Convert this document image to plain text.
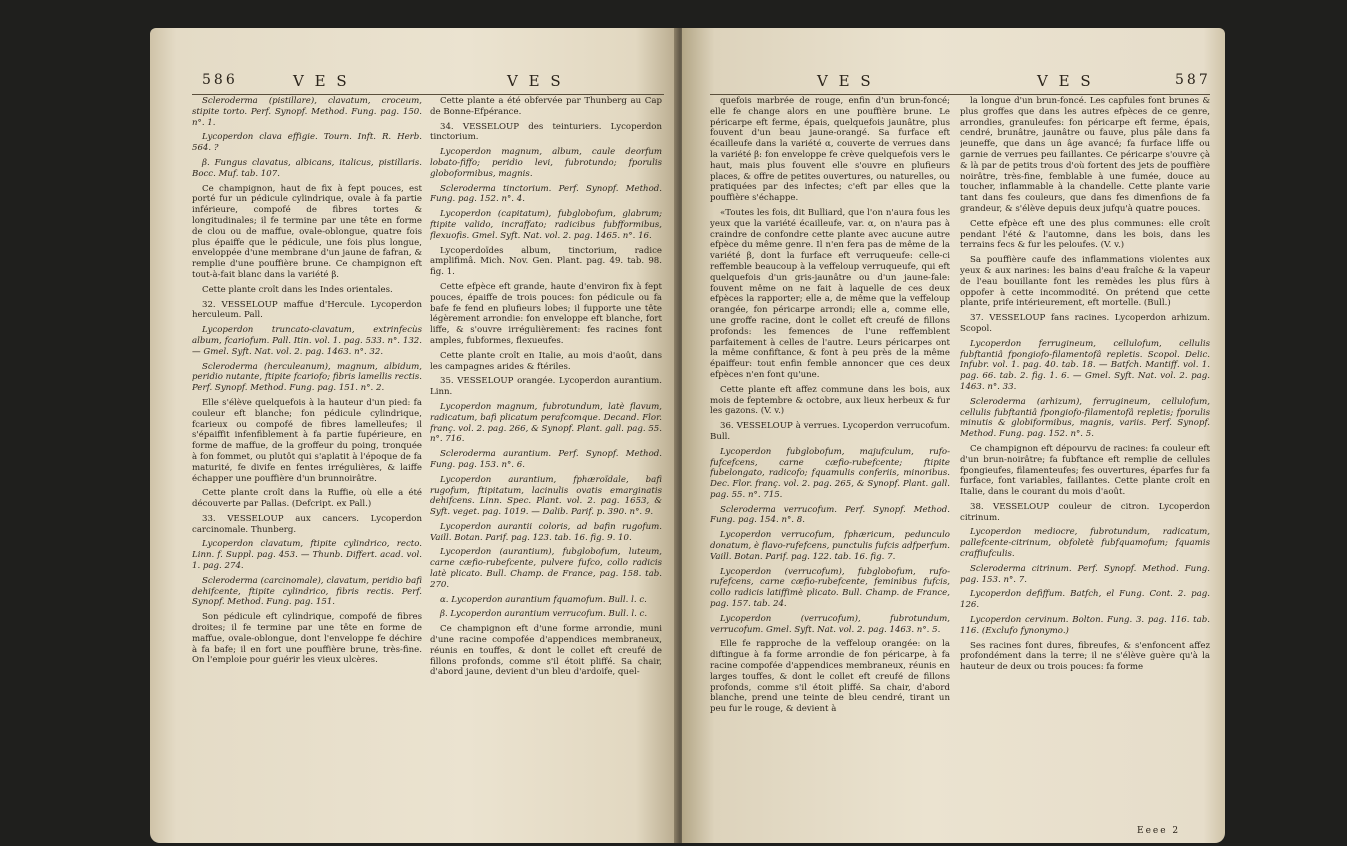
586	V E S	V E S

Scleroderma (pistillare), clavatum, croceum, stipite torto. Perf. Synopf. Method. Fung. pag. 150. n°. 1.

Lycoperdon clava effigie. Tourn. Inft. R. Herb. 564. ?

β. Fungus clavatus, albicans, italicus, pistillaris. Bocc. Muf. tab. 107.

Ce champignon, haut de fix à fept pouces, est porté fur un pédicule cylindrique, ovale à fa partie inférieure, compofé de fibres tortes & longitudinales; il fe termine par une tête en forme de clou ou de maffue, ovale-oblongue, quatre fois plus épaiffe que le pédicule, une fois plus longue, enveloppée d'une membrane d'un jaune de fafran, & remplie d'une pouffière brune. Ce champignon eft tout-à-fait blanc dans la variété β.

Cette plante croît dans les Indes orientales.

32. VESSELOUP maffue d'Hercule. Lycoperdon herculeum. Pall.

Lycoperdon truncato-clavatum, extrinfecùs album, fcariofum. Pall. Itin. vol. 1. pag. 533. n°. 132. — Gmel. Syft. Nat. vol. 2. pag. 1463. n°. 32.

Scleroderma (herculeanum), magnum, albidum, peridio nutante, ftipite fcariofo; fibris lamellis rectis. Perf. Synopf. Method. Fung. pag. 151. n°. 2.

Elle s'élève quelquefois à la hauteur d'un pied: fa couleur eft blanche; fon pédicule cylindrique, fcarieux ou compofé de fibres lamelleufes; il s'épaiffit infenfiblement à fa partie fupérieure, en forme de maffue, de la groffeur du poing, tronquée à fon fommet, ou plutôt qui s'aplatit à l'époque de fa maturité, fe divife en fentes irrégulières, & laiffe échapper une pouffière d'un brunnoirâtre.

Cette plante croît dans la Ruffie, où elle a été découverte par Pallas. (Defcript. ex Pall.)

33. VESSELOUP aux cancers. Lycoperdon carcinomale. Thunberg.

Lycoperdon clavatum, ftipite cylindrico, recto. Linn. f. Suppl. pag. 453. — Thunb. Differt. acad. vol. 1. pag. 274.

Scleroderma (carcinomale), clavatum, peridio bafi dehifcente, ftipite cylindrico, fibris rectis. Perf. Synopf. Method. Fung. pag. 151.

Son pédicule eft cylindrique, compofé de fibres droites; il fe termine par une tête en forme de maffue, ovale-oblongue, dont l'enveloppe fe déchire à fa bafe; il en fort une pouffière brune, très-fine. On l'emploie pour guérir les vieux ulcères.

Cette plante a été obfervée par Thunberg au Cap de Bonne-Efpérance.

34. VESSELOUP des teinturiers. Lycoperdon tinctorium.

Lycoperdon magnum, album, caule deorfum lobato-fiffo; peridio levi, fubrotundo; fporulis globoformibus, magnis.

Scleroderma tinctorium. Perf. Synopf. Method. Fung. pag. 152. n°. 4.

Lycoperdon (capitatum), fubglobofum, glabrum; ftipite valido, incraffato; radicibus fubfformibus, flexuofis. Gmel. Syft. Nat. vol. 2. pag. 1465. n°. 16.

Lycoperdoïdes album, tinctorium, radice amplifimâ. Mich. Nov. Gen. Plant. pag. 49. tab. 98. fig. 1.

Cette efpèce eft grande, haute d'environ fix à fept pouces, épaiffe de trois pouces: fon pédicule ou fa bafe fe fend en plufieurs lobes; il fupporte une tête légèrement arrondie: fon enveloppe eft blanche, fort liffe, & s'ouvre irrégulièrement: fes racines font amples, fubformes, flexueufes.

Cette plante croît en Italie, au mois d'août, dans les campagnes arides & ftériles.

35. VESSELOUP orangée. Lycoperdon aurantium. Linn.

Lycoperdon magnum, fubrotundum, latè flavum, radicatum, bafi plicatum perafcomque. Decand. Flor. franç. vol. 2. pag. 266, & Synopf. Plant. gall. pag. 55. n°. 716.

Scleroderma aurantium. Perf. Synopf. Method. Fung. pag. 153. n°. 6.

Lycoperdon aurantium, fphæroïdale, bafi rugofum, ftipitatum, lacinulis ovatis emarginatis dehifcens. Linn. Spec. Plant. vol. 2. pag. 1653, & Syft. veget. pag. 1019. — Dalib. Parif. p. 390. n°. 9.

Lycoperdon aurantii coloris, ad bafin rugofum. Vaill. Botan. Parif. pag. 123. tab. 16. fig. 9. 10.

Lycoperdon (aurantium), fubglobofum, luteum, carne cæfio-rubefcente, pulvere fufco, collo radicis latè plicato. Bull. Champ. de France, pag. 158. tab. 270.

α. Lycoperdon aurantium fquamofum. Bull. l. c.

β. Lycoperdon aurantium verrucofum. Bull. l. c.

Ce champignon eft d'une forme arrondie, muni d'une racine compofée d'appendices membraneux, réunis en touffes, & dont le collet eft creufé de fillons profonds, comme s'il étoit pliffé. Sa chair, d'abord jaune, devient d'un bleu d'ardoife, quel-

V E S	V E S	587

quefois marbrée de rouge, enfin d'un brun-foncé; elle fe change alors en une pouffière brune. Le péricarpe eft ferme, épais, quelquefois jaunâtre, plus fouvent d'un beau jaune-orangé. Sa furface eft écailleufe dans la variété α, couverte de verrues dans la variété β: fon enveloppe fe crève quelquefois vers le haut, mais plus fouvent elle s'ouvre en plufieurs places, & offre de petites ouvertures, ou naturelles, ou pratiquées par des infectes; c'eft par elles que la pouffière s'échappe.

«Toutes les fois, dit Bulliard, que l'on n'aura fous les yeux que la variété écailleufe, var. α, on n'aura pas à craindre de confondre cette plante avec aucune autre efpèce du même genre. Il n'en fera pas de même de la variété β, dont la furface eft verruqueufe: celle-ci reffemble beaucoup à la veffeloup verruqueufe, qui eft quelquefois d'un gris-jaunâtre ou d'un jaune-fale: fouvent même on ne fait à laquelle de ces deux efpèces la rapporter; elle a, de même que la veffeloup orangée, fon péricarpe arrondi; elle a, comme elle, une groffe racine, dont le collet eft creufé de fillons profonds: les femences de l'une reffemblent parfaitement à celles de l'autre. Leurs péricarpes ont la même confiftance, & font à peu près de la même épaiffeur: tout enfin femble annoncer que ces deux efpèces n'en font qu'une.

Cette plante eft affez commune dans les bois, aux mois de feptembre & octobre, aux lieux herbeux & fur les gazons. (V. v.)

36. VESSELOUP à verrues. Lycoperdon verrucofum. Bull.

Lycoperdon fubglobofum, majufculum, rufo-fufcefcens, carne cæfio-rubefcente; ftipite fubelongato, radicofo; fquamulis conferiis, minoribus. Dec. Flor. franç. vol. 2. pag. 265, & Synopf. Plant. gall. pag. 55. n°. 715.

Scleroderma verrucofum. Perf. Synopf. Method. Fung. pag. 154. n°. 8.

Lycoperdon verrucofum, fphæricum, pedunculo donatum, è flavo-rufefcens, punctulis fufcis adfperfum. Vaill. Botan. Parif. pag. 122. tab. 16. fig. 7.

Lycoperdon (verrucofum), fubglobofum, rufo-rufefcens, carne cæfio-rubefcente, feminibus fufcis, collo radicis latiffimè plicato. Bull. Champ. de France, pag. 157. tab. 24.

Lycoperdon (verrucofum), fubrotundum, verrucofum. Gmel. Syft. Nat. vol. 2. pag. 1463. n°. 5.

Elle fe rapproche de la veffeloup orangée: on la diftingue à fa forme arrondie de fon péricarpe, à fa racine compofée d'appendices membraneux, réunis en larges touffes, & dont le collet eft creufé de fillons profonds, comme s'il étoit pliffé. Sa chair, d'abord blanche, prend une teinte de bleu cendré, tirant un peu fur le rouge, & devient à

la longue d'un brun-foncé. Les capfules font brunes & plus groffes que dans les autres efpèces de ce genre, arrondies, granuleufes: fon péricarpe eft ferme, épais, cendré, brunâtre, jaunâtre ou fauve, plus pâle dans fa jeuneffe, que dans un âge avancé; fa furface liffe ou garnie de verrues peu faillantes. Ce péricarpe s'ouvre çà & là par de petits trous d'où fortent des jets de pouffière noirâtre, très-fine, femblable à une fumée, douce au toucher, inflammable à la chandelle. Cette plante varie tant dans fes couleurs, que dans fes dimenfions de fa grandeur, & s'élève depuis deux jufqu'à quatre pouces.

Cette efpèce eft une des plus communes: elle croît pendant l'été & l'automne, dans les bois, dans les terrains fecs & fur les peloufes. (V. v.)

Sa pouffière caufe des inflammations violentes aux yeux & aux narines: les bains d'eau fraîche & la vapeur de l'eau bouillante font les remèdes les plus fûrs à oppofer à cette incommodité. On prétend que cette plante, prife intérieurement, eft mortelle. (Bull.)

37. VESSELOUP fans racines. Lycoperdon arhizum. Scopol.

Lycoperdon ferrugineum, cellulofum, cellulis fubftantiâ fpongiofo-filamentofâ repletis. Scopol. Delic. Infubr. vol. 1. pag. 40. tab. 18. — Batfch. Mantiff. vol. 1. pag. 66. tab. 2. fig. 1. 6. — Gmel. Syft. Nat. vol. 2. pag. 1463. n°. 33.

Scleroderma (arhizum), ferrugineum, cellulofum, cellulis fubftantiâ fpongiofo-filamentofâ repletis; fporulis minutis & globiformibus, magnis, variis. Perf. Synopf. Method. Fung. pag. 152. n°. 5.

Ce champignon eft dépourvu de racines: fa couleur eft d'un brun-noirâtre; fa fubftance eft remplie de cellules fpongieufes, filamenteufes; fes ouvertures, éparfes fur fa furface, font variables, faillantes. Cette plante croît en Italie, dans le courant du mois d'août.

38. VESSELOUP couleur de citron. Lycoperdon citrinum.

Lycoperdon mediocre, fubrotundum, radicatum, pallefcente-citrinum, obfoletè fubfquamofum; fquamis craffiufculis.

Scleroderma citrinum. Perf. Synopf. Method. Fung. pag. 153. n°. 7.

Lycoperdon defiffum. Batfch, el Fung. Cont. 2. pag. 126.

Lycoperdon cervinum. Bolton. Fung. 3. pag. 116. tab. 116. (Exclufo fynonymo.)

Ses racines font dures, fibreufes, & s'enfoncent affez profondément dans la terre; il ne s'élève guère qu'à la hauteur de deux ou trois pouces: fa forme

Eeee 2
